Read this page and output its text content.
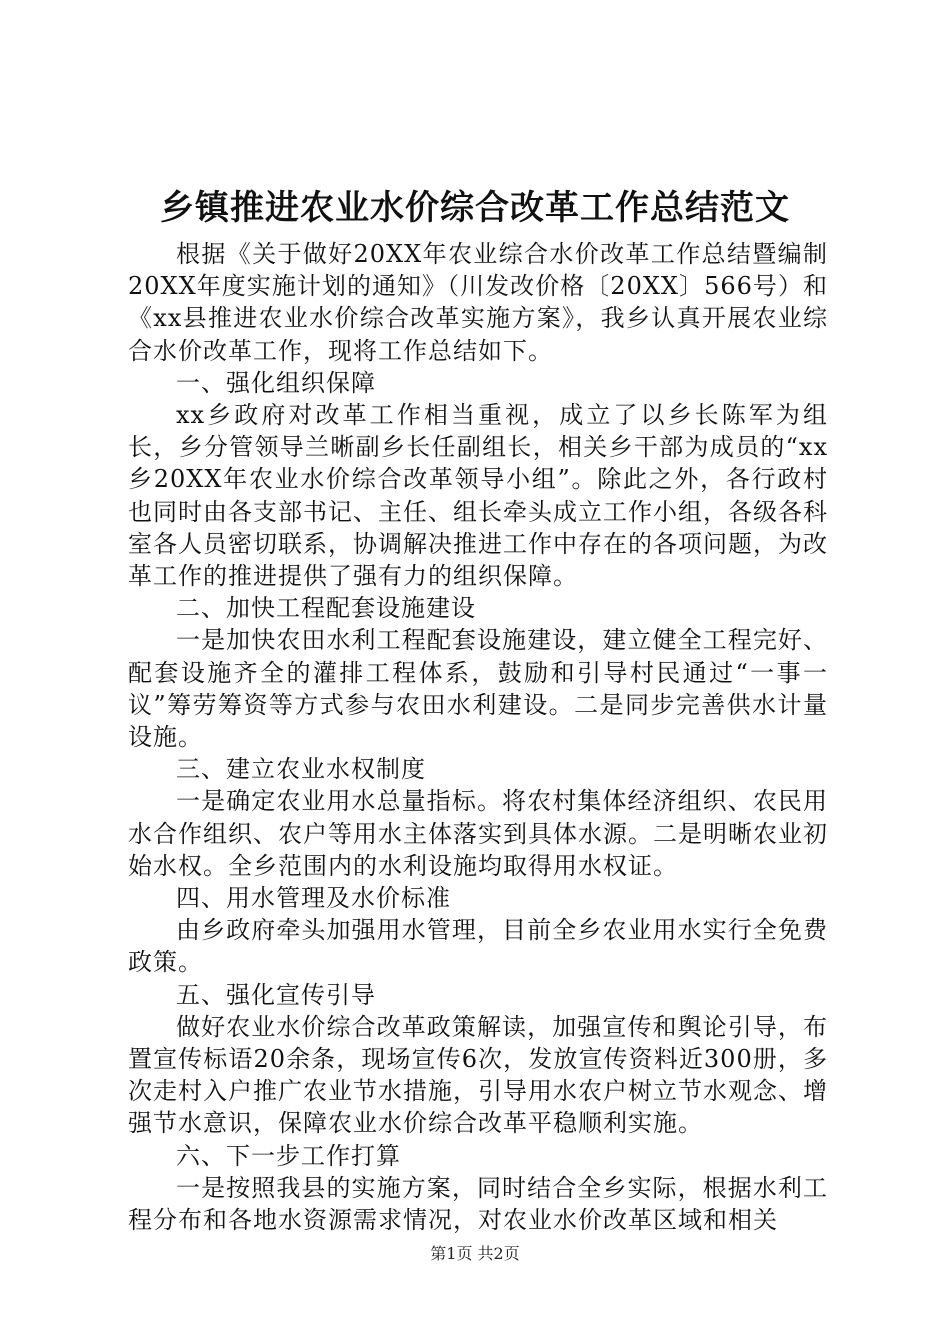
乡镇推进农业水价综合改革工作总结范文

根据《关于做好20XX年农业综合水价改革工作总结暨编制20XX年度实施计划的通知》（川发改价格〔20XX〕566号）和《xx县推进农业水价综合改革实施方案》，我乡认真开展农业综合水价改革工作，现将工作总结如下。

一、强化组织保障

xx乡政府对改革工作相当重视，成立了以乡长陈军为组长，乡分管领导兰晰副乡长任副组长，相关乡干部为成员的“xx乡20XX年农业水价综合改革领导小组”。除此之外，各行政村也同时由各支部书记、主任、组长牵头成立工作小组，各级各科室各人员密切联系，协调解决推进工作中存在的各项问题，为改革工作的推进提供了强有力的组织保障。

二、加快工程配套设施建设

一是加快农田水利工程配套设施建设，建立健全工程完好、配套设施齐全的灌排工程体系，鼓励和引导村民通过“一事一议”筹劳筹资等方式参与农田水利建设。二是同步完善供水计量设施。

三、建立农业水权制度

一是确定农业用水总量指标。将农村集体经济组织、农民用水合作组织、农户等用水主体落实到具体水源。二是明晰农业初始水权。全乡范围内的水利设施均取得用水权证。

四、用水管理及水价标准

由乡政府牵头加强用水管理，目前全乡农业用水实行全免费政策。

五、强化宣传引导

做好农业水价综合改革政策解读，加强宣传和舆论引导，布置宣传标语20余条，现场宣传6次，发放宣传资料近300册，多次走村入户推广农业节水措施，引导用水农户树立节水观念、增强节水意识，保障农业水价综合改革平稳顺利实施。

六、下一步工作打算

一是按照我县的实施方案，同时结合全乡实际，根据水利工程分布和各地水资源需求情况，对农业水价改革区域和相关

第1页 共2页
